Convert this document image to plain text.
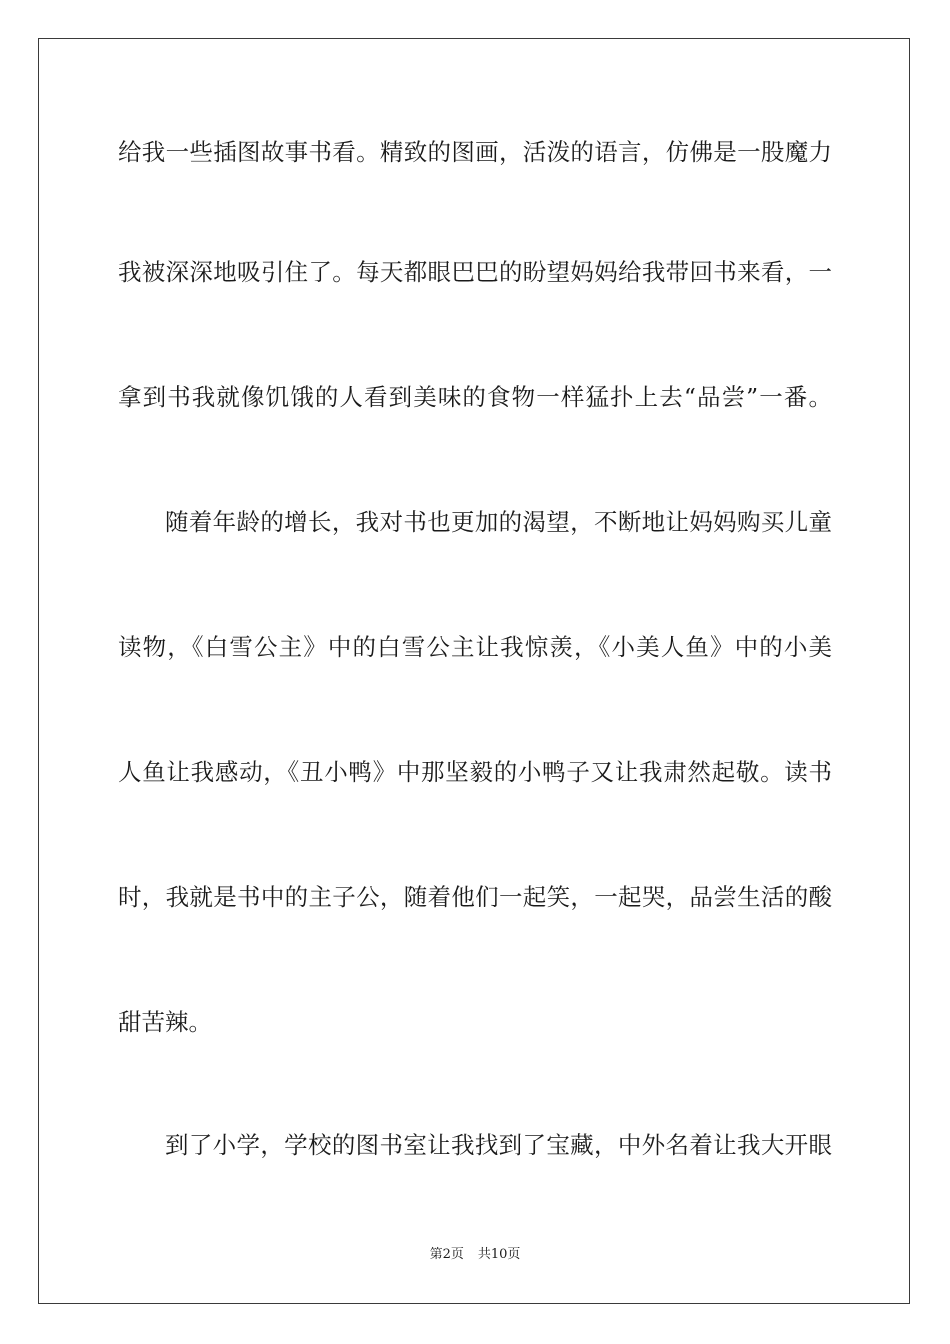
给我一些插图故事书看。精致的图画，活泼的语言，仿佛是一股魔力
我被深深地吸引住了。每天都眼巴巴的盼望妈妈给我带回书来看，一
拿到书我就像饥饿的人看到美味的食物一样猛扑上去“品尝”一番。
随着年龄的增长，我对书也更加的渴望，不断地让妈妈购买儿童
读物，《白雪公主》中的白雪公主让我惊羡，《小美人鱼》中的小美
人鱼让我感动，《丑小鸭》中那坚毅的小鸭子又让我肃然起敬。读书
时，我就是书中的主子公，随着他们一起笑，一起哭，品尝生活的酸
甜苦辣。
到了小学，学校的图书室让我找到了宝藏，中外名着让我大开眼
第2页 共10页
